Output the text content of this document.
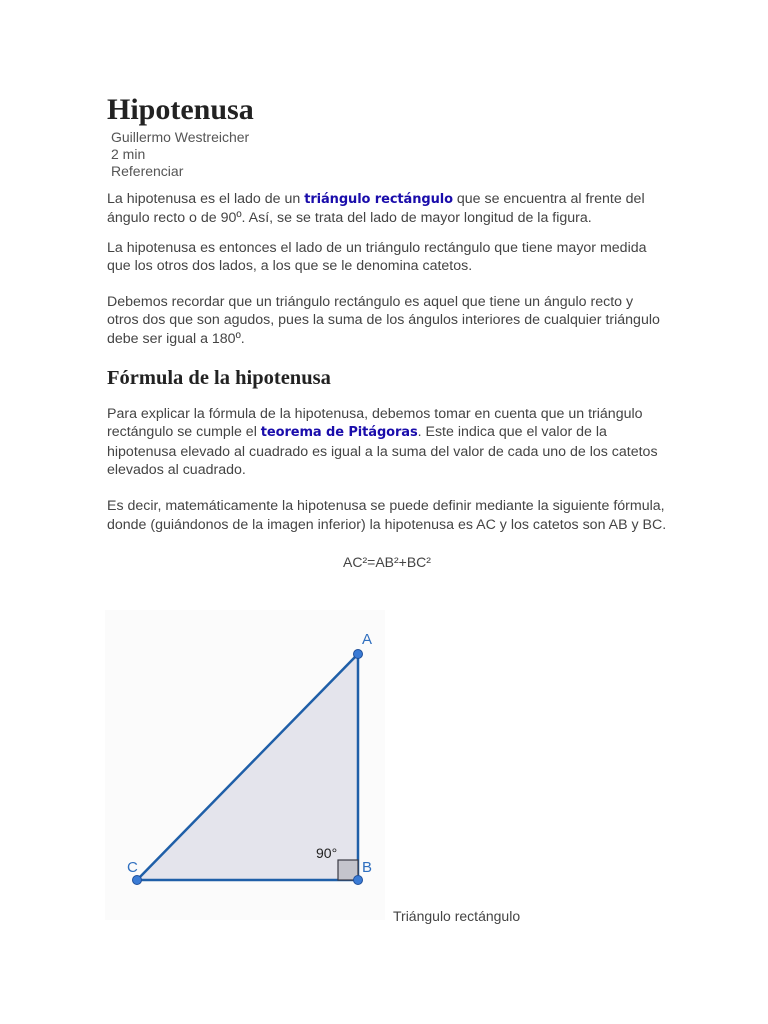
Hipotenusa
Guillermo Westreicher
2 min
Referenciar

La hipotenusa es el lado de un triángulo rectángulo que se encuentra al frente del ángulo recto o de 90º. Así, se se trata del lado de mayor longitud de la figura.

La hipotenusa es entonces el lado de un triángulo rectángulo que tiene mayor medida que los otros dos lados, a los que se le denomina catetos.

Debemos recordar que un triángulo rectángulo es aquel que tiene un ángulo recto y otros dos que son agudos, pues la suma de los ángulos interiores de cualquier triángulo debe ser igual a 180º.

Fórmula de la hipotenusa

Para explicar la fórmula de la hipotenusa, debemos tomar en cuenta que un triángulo rectángulo se cumple el teorema de Pitágoras. Este indica que el valor de la hipotenusa elevado al cuadrado es igual a la suma del valor de cada uno de los catetos elevados al cuadrado.

Es decir, matemáticamente la hipotenusa se puede definir mediante la siguiente fórmula, donde (guiándonos de la imagen inferior) la hipotenusa es AC y los catetos son AB y BC.

AC²=AB²+BC²

A
B
C
90°
Triángulo rectángulo
